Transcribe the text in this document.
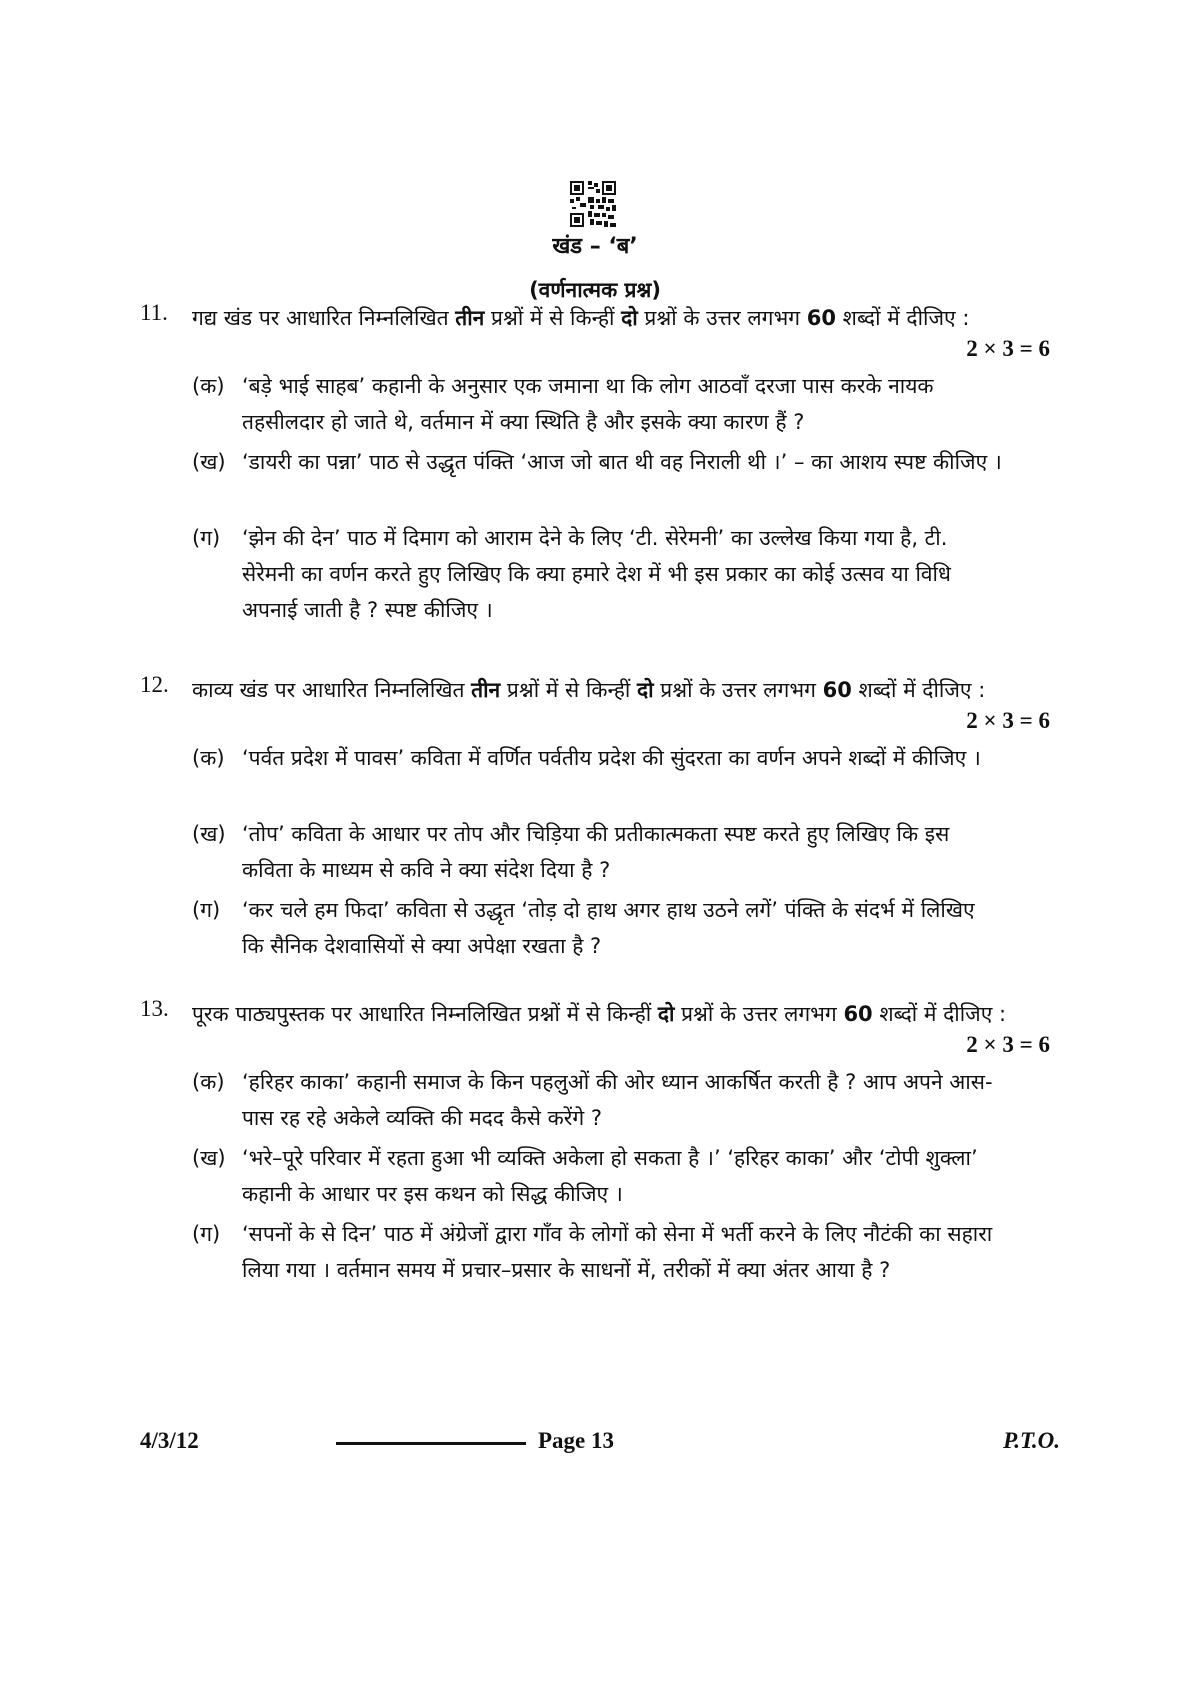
खंड – ‘ब’
(वर्णनात्मक प्रश्न)
11. गद्य खंड पर आधारित निम्नलिखित तीन प्रश्नों में से किन्हीं दो प्रश्नों के उत्तर लगभग 60 शब्दों में दीजिए :
2 × 3 = 6
(क) ‘बड़े भाई साहब’ कहानी के अनुसार एक जमाना था कि लोग आठवाँ दरजा पास करके नायक तहसीलदार हो जाते थे, वर्तमान में क्या स्थिति है और इसके क्या कारण हैं ?
(ख) ‘डायरी का पन्ना’ पाठ से उद्धृत पंक्ति ‘आज जो बात थी वह निराली थी ।’ – का आशय स्पष्ट कीजिए ।
(ग) ‘झेन की देन’ पाठ में दिमाग को आराम देने के लिए ‘टी. सेरेमनी’ का उल्लेख किया गया है, टी. सेरेमनी का वर्णन करते हुए लिखिए कि क्या हमारे देश में भी इस प्रकार का कोई उत्सव या विधि अपनाई जाती है ? स्पष्ट कीजिए ।
12. काव्य खंड पर आधारित निम्नलिखित तीन प्रश्नों में से किन्हीं दो प्रश्नों के उत्तर लगभग 60 शब्दों में दीजिए :
2 × 3 = 6
(क) ‘पर्वत प्रदेश में पावस’ कविता में वर्णित पर्वतीय प्रदेश की सुंदरता का वर्णन अपने शब्दों में कीजिए ।
(ख) ‘तोप’ कविता के आधार पर तोप और चिड़िया की प्रतीकात्मकता स्पष्ट करते हुए लिखिए कि इस कविता के माध्यम से कवि ने क्या संदेश दिया है ?
(ग) ‘कर चले हम फिदा’ कविता से उद्धृत ‘तोड़ दो हाथ अगर हाथ उठने लगें’ पंक्ति के संदर्भ में लिखिए कि सैनिक देशवासियों से क्या अपेक्षा रखता है ?
13. पूरक पाठ्यपुस्तक पर आधारित निम्नलिखित प्रश्नों में से किन्हीं दो प्रश्नों के उत्तर लगभग 60 शब्दों में दीजिए :
2 × 3 = 6
(क) ‘हरिहर काका’ कहानी समाज के किन पहलुओं की ओर ध्यान आकर्षित करती है ? आप अपने आस-पास रह रहे अकेले व्यक्ति की मदद कैसे करेंगे ?
(ख) ‘भरे–पूरे परिवार में रहता हुआ भी व्यक्ति अकेला हो सकता है ।’ ‘हरिहर काका’ और ‘टोपी शुक्ला’ कहानी के आधार पर इस कथन को सिद्ध कीजिए ।
(ग) ‘सपनों के से दिन’ पाठ में अंग्रेजों द्वारा गाँव के लोगों को सेना में भर्ती करने के लिए नौटंकी का सहारा लिया गया । वर्तमान समय में प्रचार–प्रसार के साधनों में, तरीकों में क्या अंतर आया है ?
4/3/12	Page 13	P.T.O.
